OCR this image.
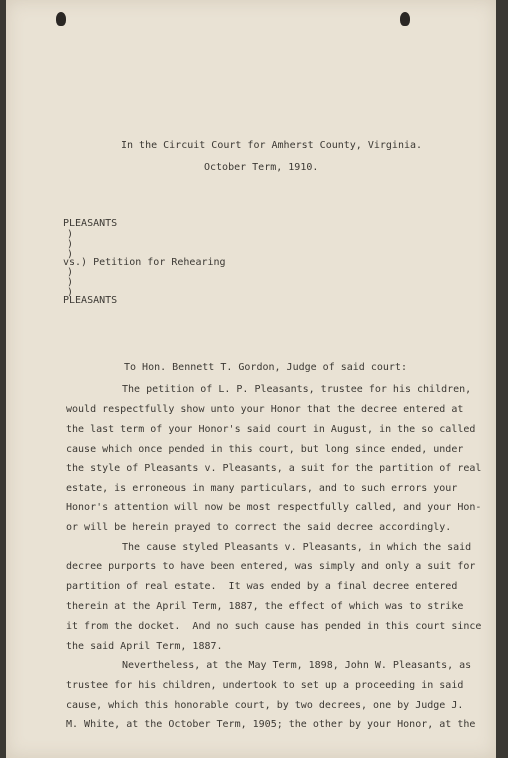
In the Circuit Court for Amherst County, Virginia.
October Term, 1910.
PLEASANTS
)
)
)
vs.) Petition for Rehearing
)
)
)
PLEASANTS
To Hon. Bennett T. Gordon, Judge of said court:
The petition of L. P. Pleasants, trustee for his children,
would respectfully show unto your Honor that the decree entered at
the last term of your Honor's said court in August, in the so called
cause which once pended in this court, but long since ended, under
the style of Pleasants v. Pleasants, a suit for the partition of real
estate, is erroneous in many particulars, and to such errors your
Honor's attention will now be most respectfully called, and your Hon-
or will be herein prayed to correct the said decree accordingly.
The cause styled Pleasants v. Pleasants, in which the said
decree purports to have been entered, was simply and only a suit for
partition of real estate.  It was ended by a final decree entered
therein at the April Term, 1887, the effect of which was to strike
it from the docket.  And no such cause has pended in this court since
the said April Term, 1887.
Nevertheless, at the May Term, 1898, John W. Pleasants, as
trustee for his children, undertook to set up a proceeding in said
cause, which this honorable court, by two decrees, one by Judge J.
M. White, at the October Term, 1905; the other by your Honor, at the
